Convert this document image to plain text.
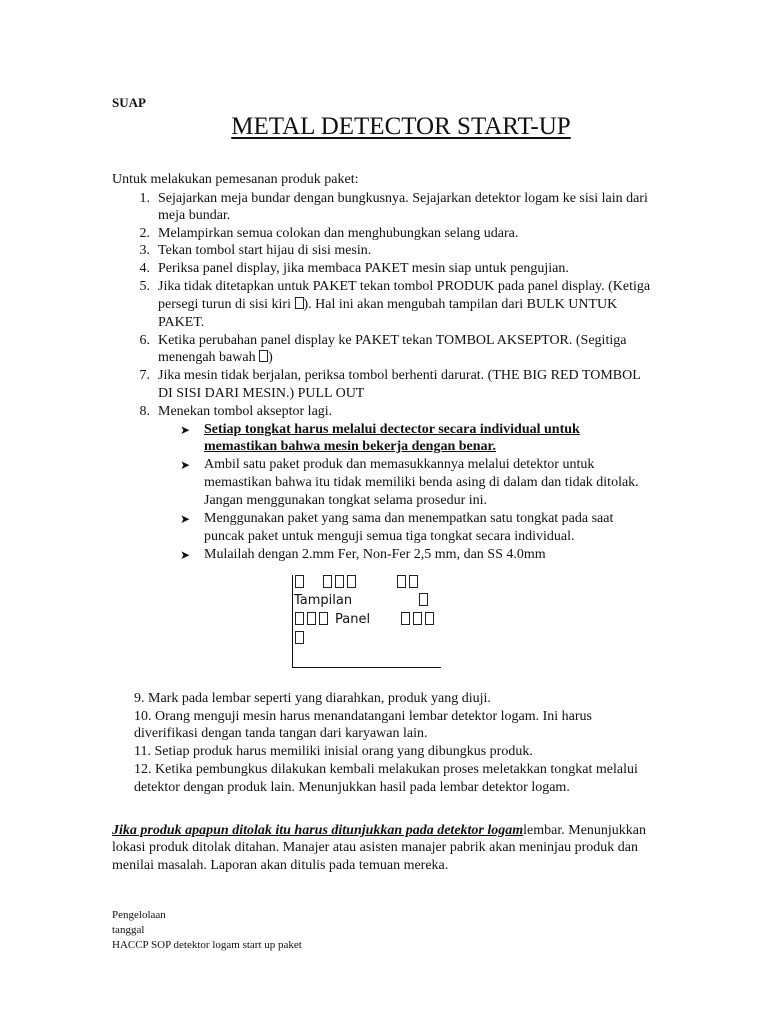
SUAP
METAL DETECTOR START-UP
Untuk melakukan pemesanan produk paket:
1. Sejajarkan meja bundar dengan bungkusnya. Sejajarkan detektor logam ke sisi lain dari
meja bundar.
2. Melampirkan semua colokan dan menghubungkan selang udara.
3. Tekan tombol start hijau di sisi mesin.
4. Periksa panel display, jika membaca PAKET mesin siap untuk pengujian.
5. Jika tidak ditetapkan untuk PAKET tekan tombol PRODUK pada panel display. (Ketiga
persegi turun di sisi kiri ). Hal ini akan mengubah tampilan dari BULK UNTUK
PAKET.
6. Ketika perubahan panel display ke PAKET tekan TOMBOL AKSEPTOR. (Segitiga
menengah bawah )
7. Jika mesin tidak berjalan, periksa tombol berhenti darurat. (THE BIG RED TOMBOL
DI SISI DARI MESIN.) PULL OUT
8. Menekan tombol akseptor lagi.
➤ Setiap tongkat harus melalui dectector secara individual untuk
memastikan bahwa mesin bekerja dengan benar.
➤ Ambil satu paket produk dan memasukkannya melalui detektor untuk
memastikan bahwa itu tidak memiliki benda asing di dalam dan tidak ditolak.
Jangan menggunakan tongkat selama prosedur ini.
➤ Menggunakan paket yang sama dan menempatkan satu tongkat pada saat
puncak paket untuk menguji semua tiga tongkat secara individual.
➤ Mulailah dengan 2.mm Fer, Non-Fer 2,5 mm, dan SS 4.0mm
Tampilan
Panel
9. Mark pada lembar seperti yang diarahkan, produk yang diuji.
10. Orang menguji mesin harus menandatangani lembar detektor logam. Ini harus
diverifikasi dengan tanda tangan dari karyawan lain.
11. Setiap produk harus memiliki inisial orang yang dibungkus produk.
12. Ketika pembungkus dilakukan kembali melakukan proses meletakkan tongkat melalui
detektor dengan produk lain. Menunjukkan hasil pada lembar detektor logam.
Jika produk apapun ditolak itu harus ditunjukkan pada detektor logamlembar. Menunjukkan
lokasi produk ditolak ditahan. Manajer atau asisten manajer pabrik akan meninjau produk dan
menilai masalah. Laporan akan ditulis pada temuan mereka.
Pengelolaan
tanggal
HACCP SOP detektor logam start up paket
